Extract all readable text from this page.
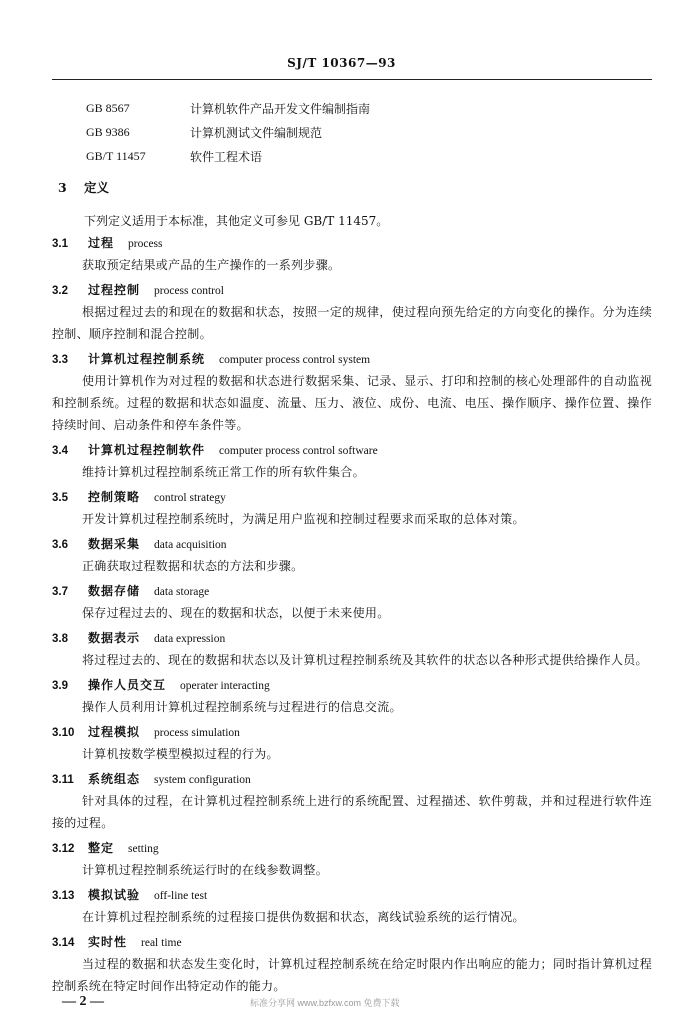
SJ/T 10367—93
GB 8567	计算机软件产品开发文件编制指南
GB 9386	计算机测试文件编制规范
GB/T 11457	软件工程术语
3 定义
下列定义适用于本标准，其他定义可参见 GB/T 11457。
3.1 过程 process
获取预定结果或产品的生产操作的一系列步骤。
3.2 过程控制 process control
根据过程过去的和现在的数据和状态，按照一定的规律，使过程向预先给定的方向变化的操作。分为连续控制、顺序控制和混合控制。
3.3 计算机过程控制系统 computer process control system
使用计算机作为对过程的数据和状态进行数据采集、记录、显示、打印和控制的核心处理部件的自动监视和控制系统。过程的数据和状态如温度、流量、压力、液位、成份、电流、电压、操作顺序、操作位置、操作持续时间、启动条件和停车条件等。
3.4 计算机过程控制软件 computer process control software
维持计算机过程控制系统正常工作的所有软件集合。
3.5 控制策略 control strategy
开发计算机过程控制系统时，为满足用户监视和控制过程要求而采取的总体对策。
3.6 数据采集 data acquisition
正确获取过程数据和状态的方法和步骤。
3.7 数据存储 data storage
保存过程过去的、现在的数据和状态，以便于未来使用。
3.8 数据表示 data expression
将过程过去的、现在的数据和状态以及计算机过程控制系统及其软件的状态以各种形式提供给操作人员。
3.9 操作人员交互 operater interacting
操作人员利用计算机过程控制系统与过程进行的信息交流。
3.10 过程模拟 process simulation
计算机按数学模型模拟过程的行为。
3.11 系统组态 system configuration
针对具体的过程，在计算机过程控制系统上进行的系统配置、过程描述、软件剪裁，并和过程进行软件连接的过程。
3.12 整定 setting
计算机过程控制系统运行时的在线参数调整。
3.13 模拟试验 off-line test
在计算机过程控制系统的过程接口提供伪数据和状态，离线试验系统的运行情况。
3.14 实时性 real time
当过程的数据和状态发生变化时，计算机过程控制系统在给定时限内作出响应的能力；同时指计算机过程控制系统在特定时间作出特定动作的能力。
— 2 —	标准分享网 www.bzfxw.com 免费下载
